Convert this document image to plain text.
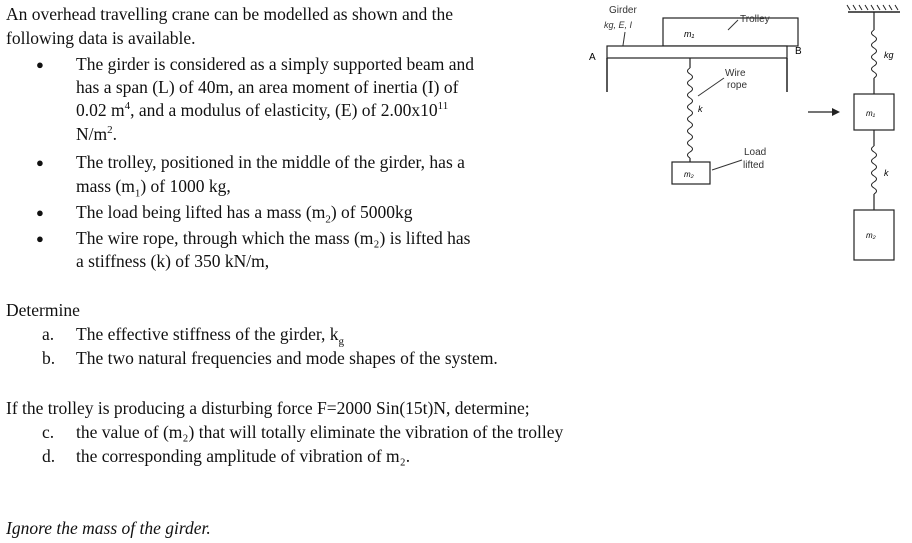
An overhead travelling crane can be modelled as shown and the
following data is available.
● The girder is considered as a simply supported beam and
has a span (L) of 40m, an area moment of inertia (I) of
0.02 $m^4$, and a modulus of elasticity, (E) of $2.00x10^{11}$
$N/m^2$.
● The trolley, positioned in the middle of the girder, has a
mass $(m_1)$ of 1000 kg,
● The load being lifted has a mass $(m_2)$ of 5000kg
● The wire rope, through which the mass (m₂) is lifted has
a stiffness (k) of 350 kN/m,
Determine
a. The effective stiffness of the girder, $k_g$
b. The two natural frequencies and mode shapes of the system.
If the trolley is producing a disturbing force F=2000 Sin(15t)N, determine;
c. the value of (m₂) that will totally eliminate the vibration of the trolley
d. the corresponding amplitude of vibration of m₂.
Ignore the mass of the girder.
Girder
kg, E, I
m₁
Trolley
A
B
k
Wire
rope
m₂
Load
lifted
kg
m₁
k
m₂
